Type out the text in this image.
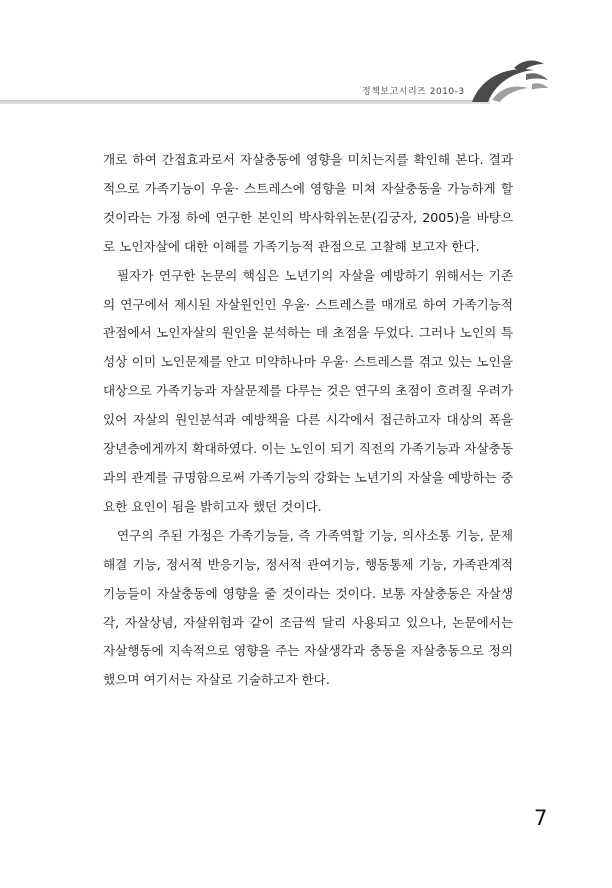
정책보고시리즈 2010-3

개로 하여 간접효과로서 자살충동에 영향을 미치는지를 확인해 본다. 결과적으로 가족기능이 우울· 스트레스에 영향을 미쳐 자살충동을 가능하게 할 것이라는 가정 하에 연구한 본인의 박사학위논문(김궁자, 2005)을 바탕으로 노인자살에 대한 이해를 가족기능적 관점으로 고찰해 보고자 한다.

필자가 연구한 논문의 핵심은 노년기의 자살을 예방하기 위해서는 기존의 연구에서 제시된 자살원인인 우울· 스트레스를 매개로 하여 가족기능적 관점에서 노인자살의 원인을 분석하는 데 초점을 두었다. 그러나 노인의 특성상 이미 노인문제를 안고 미약하나마 우울· 스트레스를 겪고 있는 노인을 대상으로 가족기능과 자살문제를 다루는 것은 연구의 초점이 흐려질 우려가 있어 자살의 원인분석과 예방책을 다른 시각에서 접근하고자 대상의 폭을 장년층에게까지 확대하였다. 이는 노인이 되기 직전의 가족기능과 자살충동과의 관계를 규명함으로써 가족기능의 강화는 노년기의 자살을 예방하는 중요한 요인이 됨을 밝히고자 했던 것이다.

연구의 주된 가정은 가족기능들, 즉 가족역할 기능, 의사소통 기능, 문제해결 기능, 정서적 반응기능, 정서적 관여기능, 행동통제 기능, 가족관계적 기능들이 자살충동에 영향을 줄 것이라는 것이다. 보통 자살충동은 자살생각, 자살상념, 자살위험과 같이 조금씩 달리 사용되고 있으나, 논문에서는 자살행동에 지속적으로 영향을 주는 자살생각과 충동을 자살충동으로 정의했으며 여기서는 자살로 기술하고자 한다.

7
